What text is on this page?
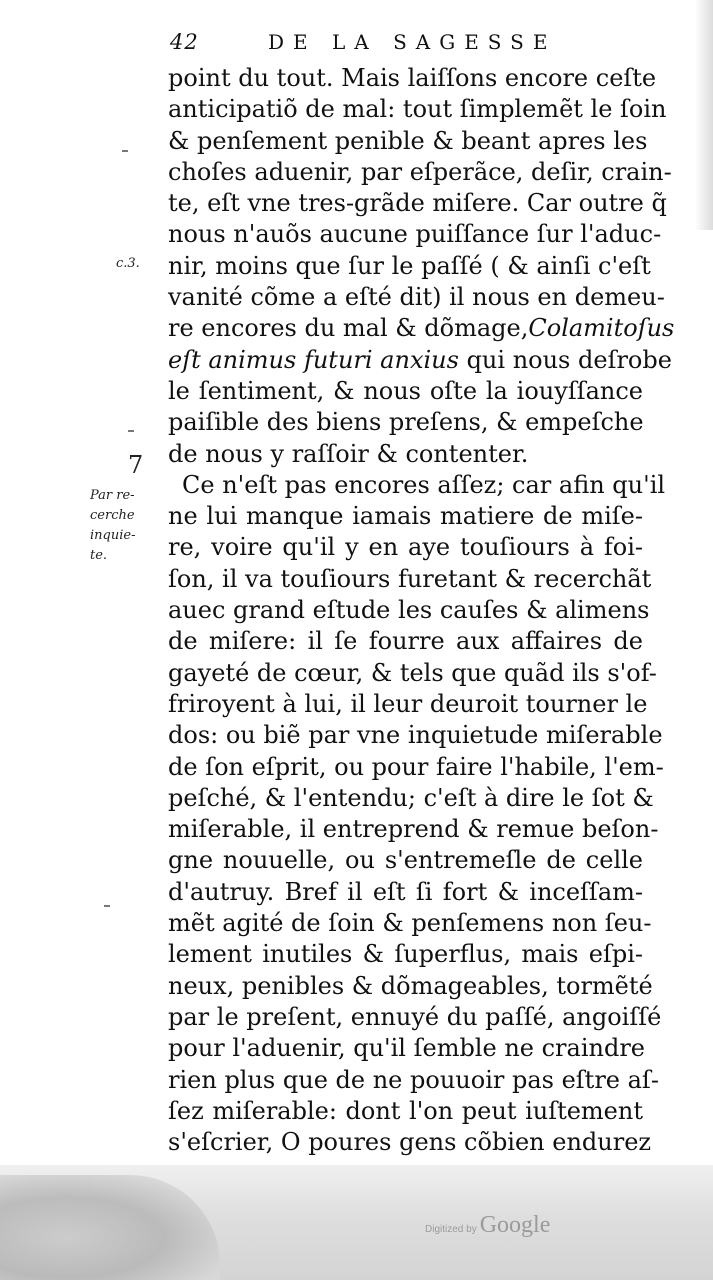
42	DE LA SAGESSE
c.3.
7
Par re-
cerche
inquie-
te.
point du tout. Mais laiſſons encore ceſte
anticipatiõ de mal: tout ſimplemẽt le ſoin
& penſement penible & beant apres les
choſes aduenir, par eſperãce, deſir, crain-
te, eſt vne tres-grãde miſere. Car outre q̃
nous n'auõs aucune puiſſance ſur l'aduc-
nir, moins que ſur le paſſé ( & ainſi c'eſt
vanité cõme a eſté dit) il nous en demeu-
re encores du mal & dõmage,Colamitoſus
eſt animus futuri anxius qui nous deſrobe
le ſentiment, & nous oſte la iouyſſance
paiſible des biens preſens, & empeſche
de nous y raſſoir & contenter.
Ce n'eſt pas encores aſſez; car afin qu'il
ne lui manque iamais matiere de miſe-
re, voire qu'il y en aye touſiours à foi-
ſon, il va touſiours furetant & recerchãt
auec grand eſtude les cauſes & alimens
de miſere: il ſe fourre aux affaires de
gayeté de cœur, & tels que quãd ils s'of-
friroyent à lui, il leur deuroit tourner le
dos: ou biẽ par vne inquietude miſerable
de ſon eſprit, ou pour faire l'habile, l'em-
peſché, & l'entendu; c'eſt à dire le ſot &
miſerable, il entreprend & remue beſon-
gne nouuelle, ou s'entremeſle de celle
d'autruy. Bref il eſt ſi fort & inceſſam-
mẽt agité de ſoin & penſemens non ſeu-
lement inutiles & ſuperflus, mais eſpi-
neux, penibles & dõmageables, tormẽté
par le preſent, ennuyé du paſſé, angoiſſé
pour l'aduenir, qu'il ſemble ne craindre
rien plus que de ne pouuoir pas eſtre aſ-
ſez miſerable: dont l'on peut iuſtement
s'eſcrier, O poures gens cõbien endurez
Digitized by Google
